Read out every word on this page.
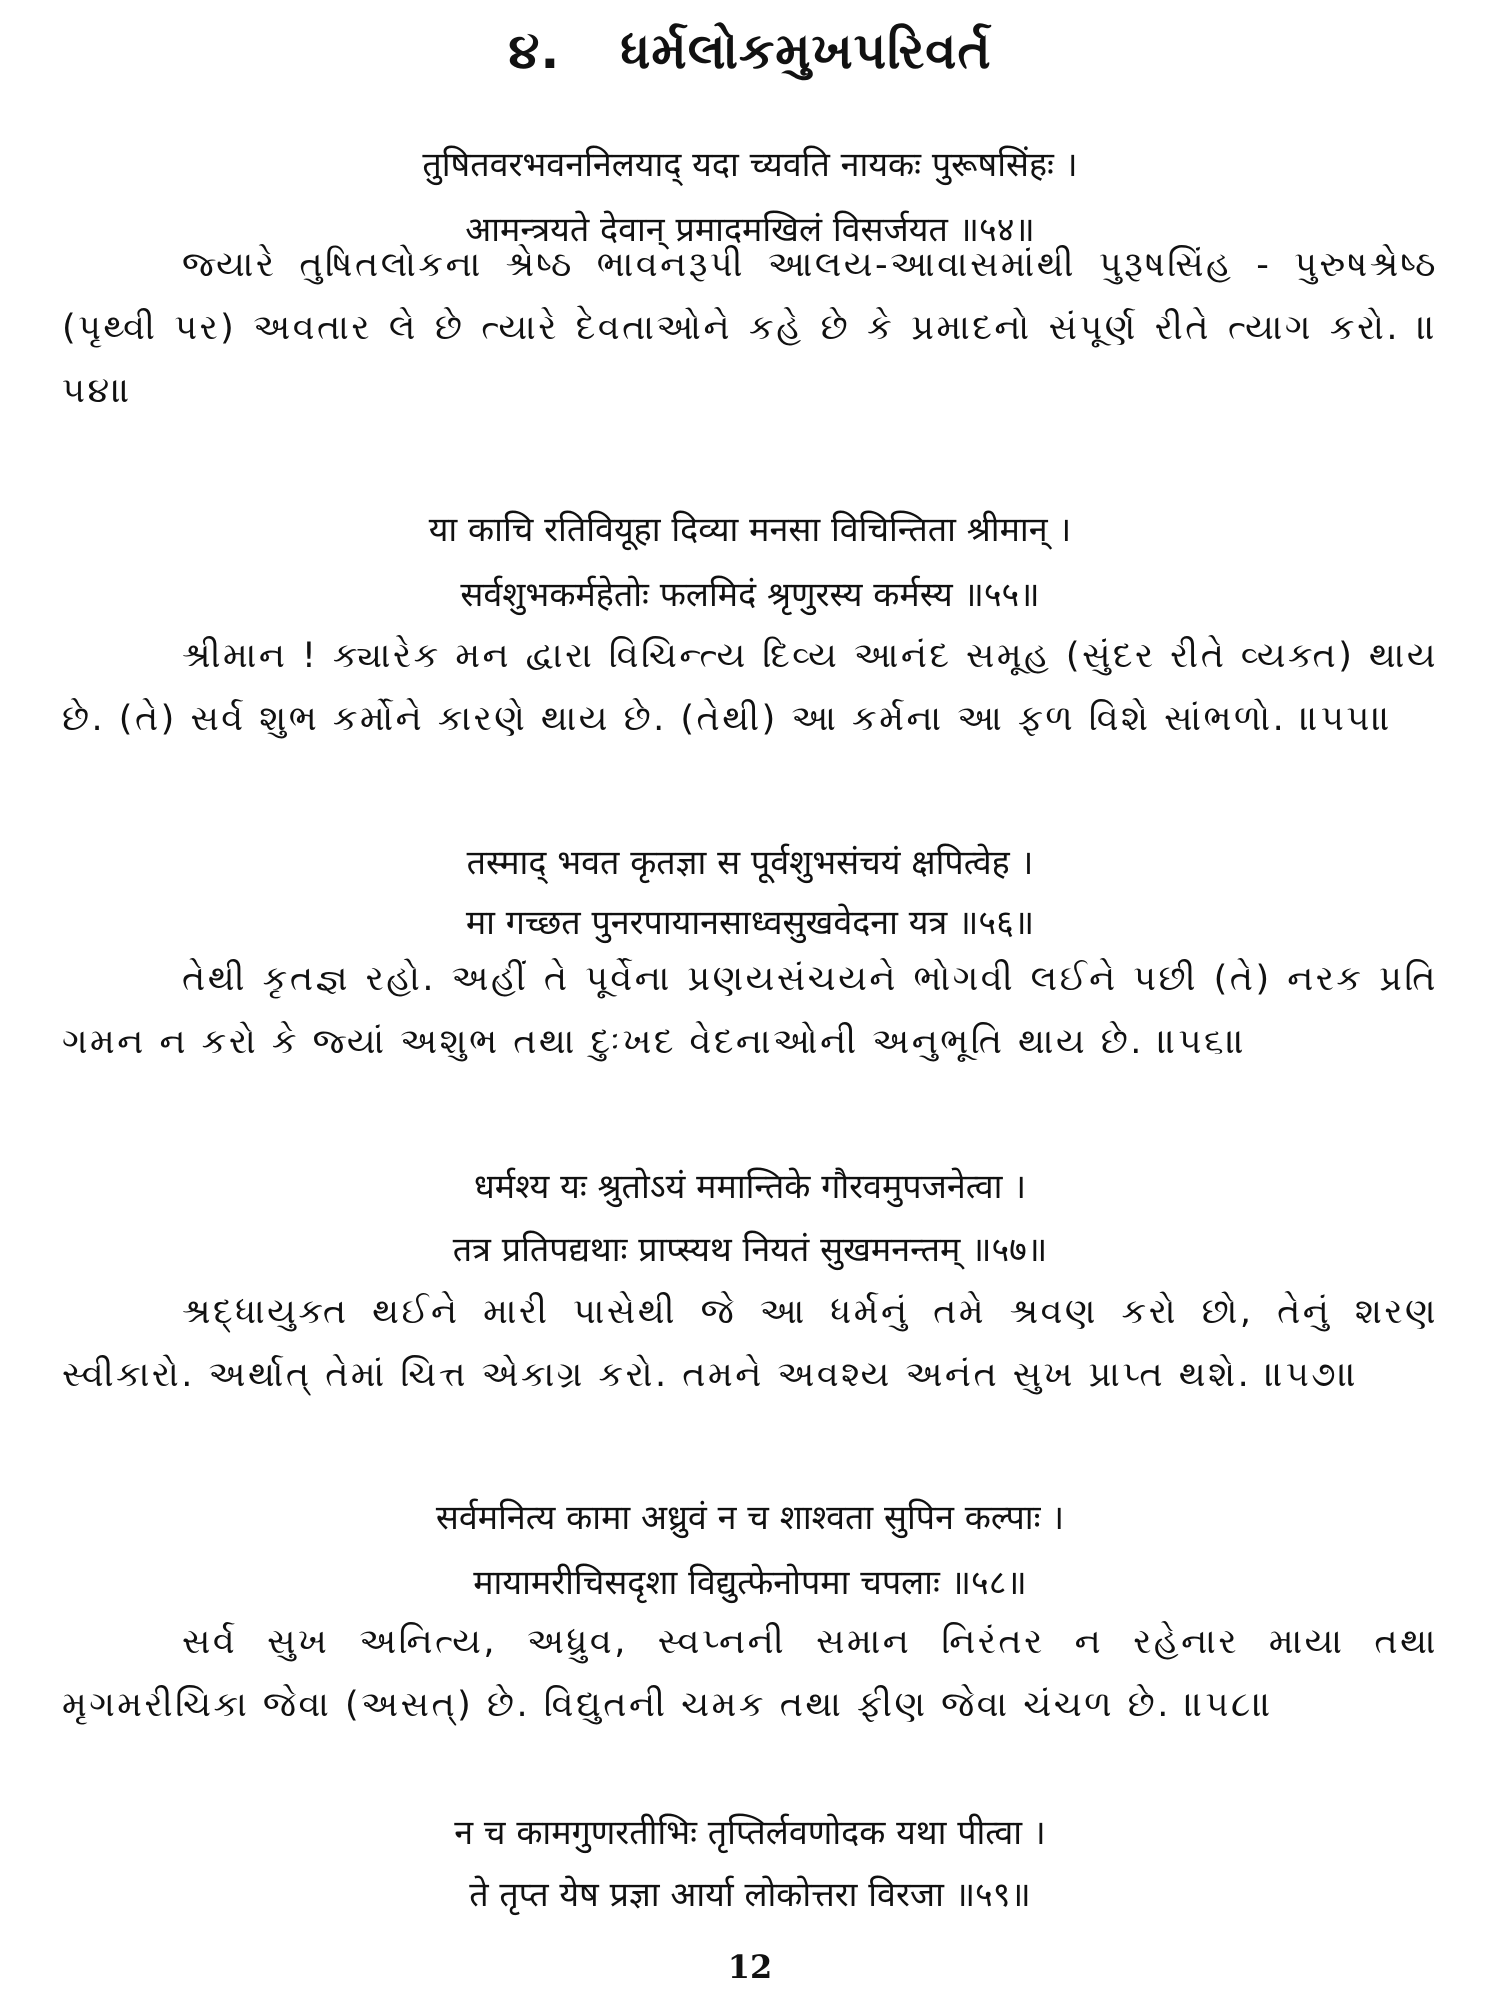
૪. ધર્મલોકમુખપરિવર્ત
तुषितवरभवननिलयाद् यदा च्यवति नायकः पुरूषसिंहः ।
आमन्त्रयते देवान् प्रमादमखिलं विसर्जयत ॥५४॥

જ્યારે તુષિતલોકના શ્રેષ્ઠ ભાવનરૂપી આલય-આવાસમાંથી પુરૂષસિંહ - પુરુષશ્રેષ્ઠ (પૃથ્વી પર) અવતાર લે છે ત્યારે દેવતાઓને કહે છે કે પ્રમાદનો સંપૂર્ણ રીતે ત્યાગ કરો. ॥૫૪॥

या काचि रतिवियूहा दिव्या मनसा विचिन्तिता श्रीमान् ।
सर्वशुभकर्महेतोः फलमिदं श्रृणुरस्य कर्मस्य ॥५५॥

શ્રીમાન ! ક્યારેક મન દ્વારા વિચિન્ત્ય દિવ્ય આનંદ સમૂહ (સુંદર રીતે વ્યક્ત) થાય છે. (તે) સર્વ શુભ કર્મોને કારણે થાય છે. (તેથી) આ કર્મના આ ફળ વિશે સાંભળો. ॥૫૫॥

तस्माद् भवत कृतज्ञा स पूर्वशुभसंचयं क्षपित्वेह ।
मा गच्छत पुनरपायानसाध्वसुखवेदना यत्र ॥५६॥

તેથી કૃતજ્ઞ રહો. અહીં તે પૂર્વેના પ્રણયસંચયને ભોગવી લઈને પછી (તે) નરક પ્રતિ ગમન ન કરો કે જ્યાં અશુભ તથા દુઃખદ વેદનાઓની અનુભૂતિ થાય છે. ॥૫૬॥

धर्मश्य यः श्रुतोऽयं ममान्तिके गौरवमुपजनेत्वा ।
तत्र प्रतिपद्यथाः प्राप्स्यथ नियतं सुखमनन्तम् ॥५७॥

શ્રદ્ધાયુક્ત થઈને મારી પાસેથી જે આ ધર્મનું તમે શ્રવણ કરો છો, તેનું શરણ સ્વીકારો. અર્થાત્ તેમાં ચિત્ત એકાગ્ર કરો. તમને અવશ્ય અનંત સુખ પ્રાપ્ત થશે. ॥૫૭॥

सर्वमनित्य कामा अध्रुवं न च शाश्वता सुपिन कल्पाः ।
मायामरीचिसदृशा विद्युत्फेनोपमा चपलाः ॥५८॥

સર્વ સુખ અનિત્ય, અધ્રુવ, સ્વપ્નની સમાન નિરંતર ન રહેનાર માયા તથા મૃગમરીચિકા જેવા (અસત્) છે. વિદ્યુતની ચમક તથા ફીણ જેવા ચંચળ છે. ॥૫૮॥

न च कामगुणरतीभिः तृप्तिर्लवणोदक यथा पीत्वा ।
ते तृप्त येष प्रज्ञा आर्या लोकोत्तरा विरजा ॥५९॥
12
